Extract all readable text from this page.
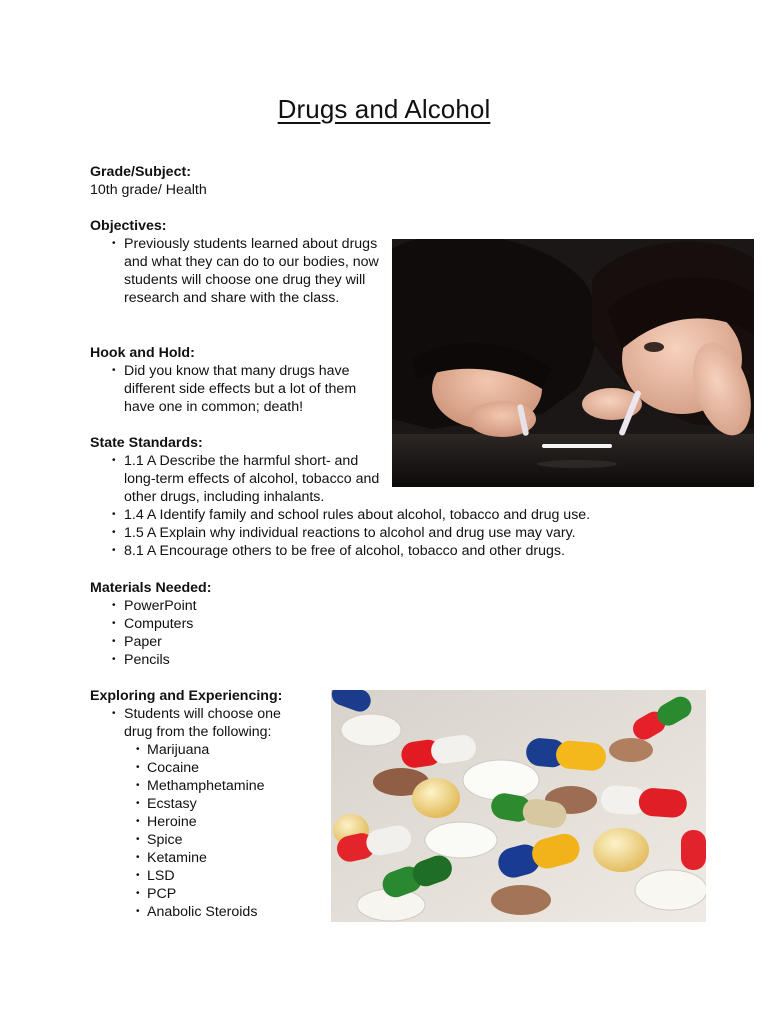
Drugs and Alcohol
Grade/Subject:
10th grade/ Health
Objectives:
• Previously students learned about drugs and what they can do to our bodies, now students will choose one drug they will research and share with the class.
Hook and Hold:
• Did you know that many drugs have different side effects but a lot of them have one in common; death!
State Standards:
• 1.1 A Describe the harmful short- and long-term effects of alcohol, tobacco and other drugs, including inhalants.
• 1.4 A Identify family and school rules about alcohol, tobacco and drug use.
• 1.5 A Explain why individual reactions to alcohol and drug use may vary.
• 8.1 A Encourage others to be free of alcohol, tobacco and other drugs.
Materials Needed:
• PowerPoint
• Computers
• Paper
• Pencils
Exploring and Experiencing:
• Students will choose one drug from the following:
• Marijuana
• Cocaine
• Methamphetamine
• Ecstasy
• Heroine
• Spice
• Ketamine
• LSD
• PCP
• Anabolic Steroids
